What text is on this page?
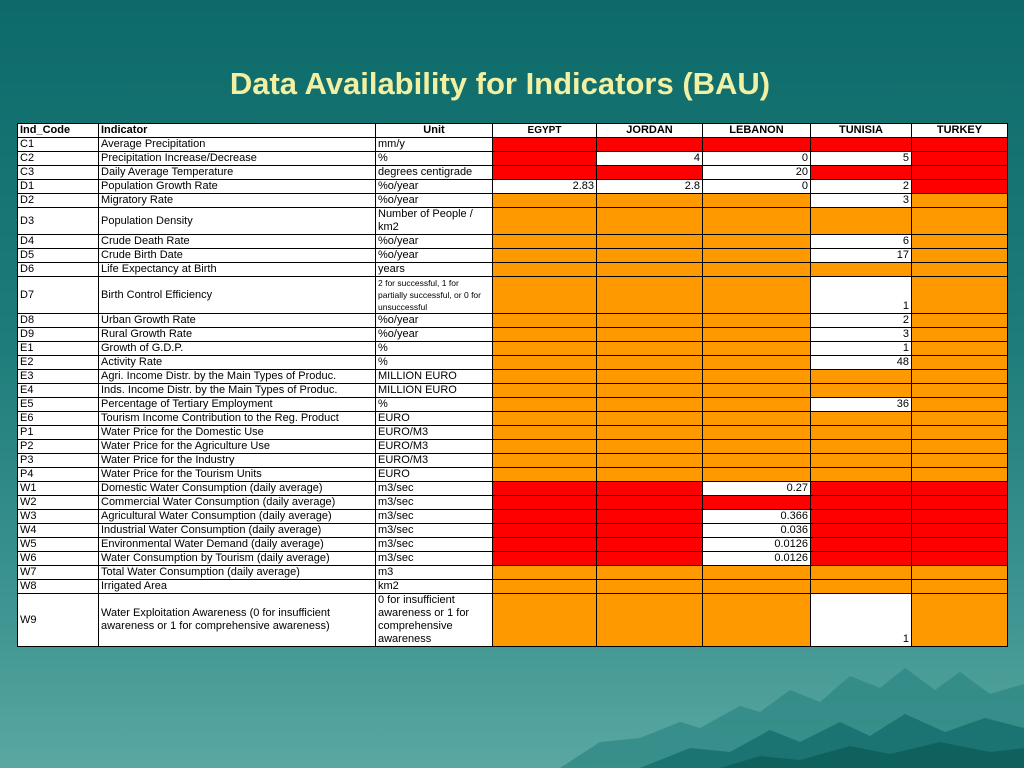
Data Availability for Indicators (BAU)
Ind_Code	Indicator	Unit	EGYPT	JORDAN	LEBANON	TUNISIA	TURKEY
C1	Average Precipitation	mm/y					
C2	Precipitation Increase/Decrease	%		4	0	5	
C3	Daily Average Temperature	degrees centigrade			20		
D1	Population Growth Rate	%o/year	2.83	2.8	0	2	
D2	Migratory Rate	%o/year				3	
D3	Population Density	Number of People / km2					
D4	Crude Death Rate	%o/year				6	
D5	Crude Birth Date	%o/year				17	
D6	Life Expectancy at Birth	years					
D7	Birth Control Efficiency	2 for successful, 1 for partially successful, or 0 for unsuccessful				1	
D8	Urban Growth Rate	%o/year				2	
D9	Rural Growth Rate	%o/year				3	
E1	Growth of G.D.P.	%				1	
E2	Activity Rate	%				48	
E3	Agri. Income Distr. by the Main Types of Produc.	MILLION EURO					
E4	Inds. Income Distr. by the Main Types of Produc.	MILLION EURO					
E5	Percentage of Tertiary Employment	%				36	
E6	Tourism Income Contribution to the Reg. Product	EURO					
P1	Water Price for the Domestic Use	EURO/M3					
P2	Water Price for the Agriculture Use	EURO/M3					
P3	Water Price for the Industry	EURO/M3					
P4	Water Price for the Tourism Units	EURO					
W1	Domestic Water Consumption (daily average)	m3/sec			0.27		
W2	Commercial Water Consumption (daily average)	m3/sec					
W3	Agricultural Water Consumption (daily average)	m3/sec			0.366		
W4	Industrial Water Consumption (daily average)	m3/sec			0.036		
W5	Environmental Water Demand (daily average)	m3/sec			0.0126		
W6	Water Consumption by Tourism (daily average)	m3/sec			0.0126		
W7	Total Water Consumption (daily average)	m3					
W8	Irrigated Area	km2					
W9	Water Exploitation Awareness (0 for insufficient awareness or 1 for comprehensive awareness)	0 for insufficient awareness or 1 for comprehensive awareness				1	
